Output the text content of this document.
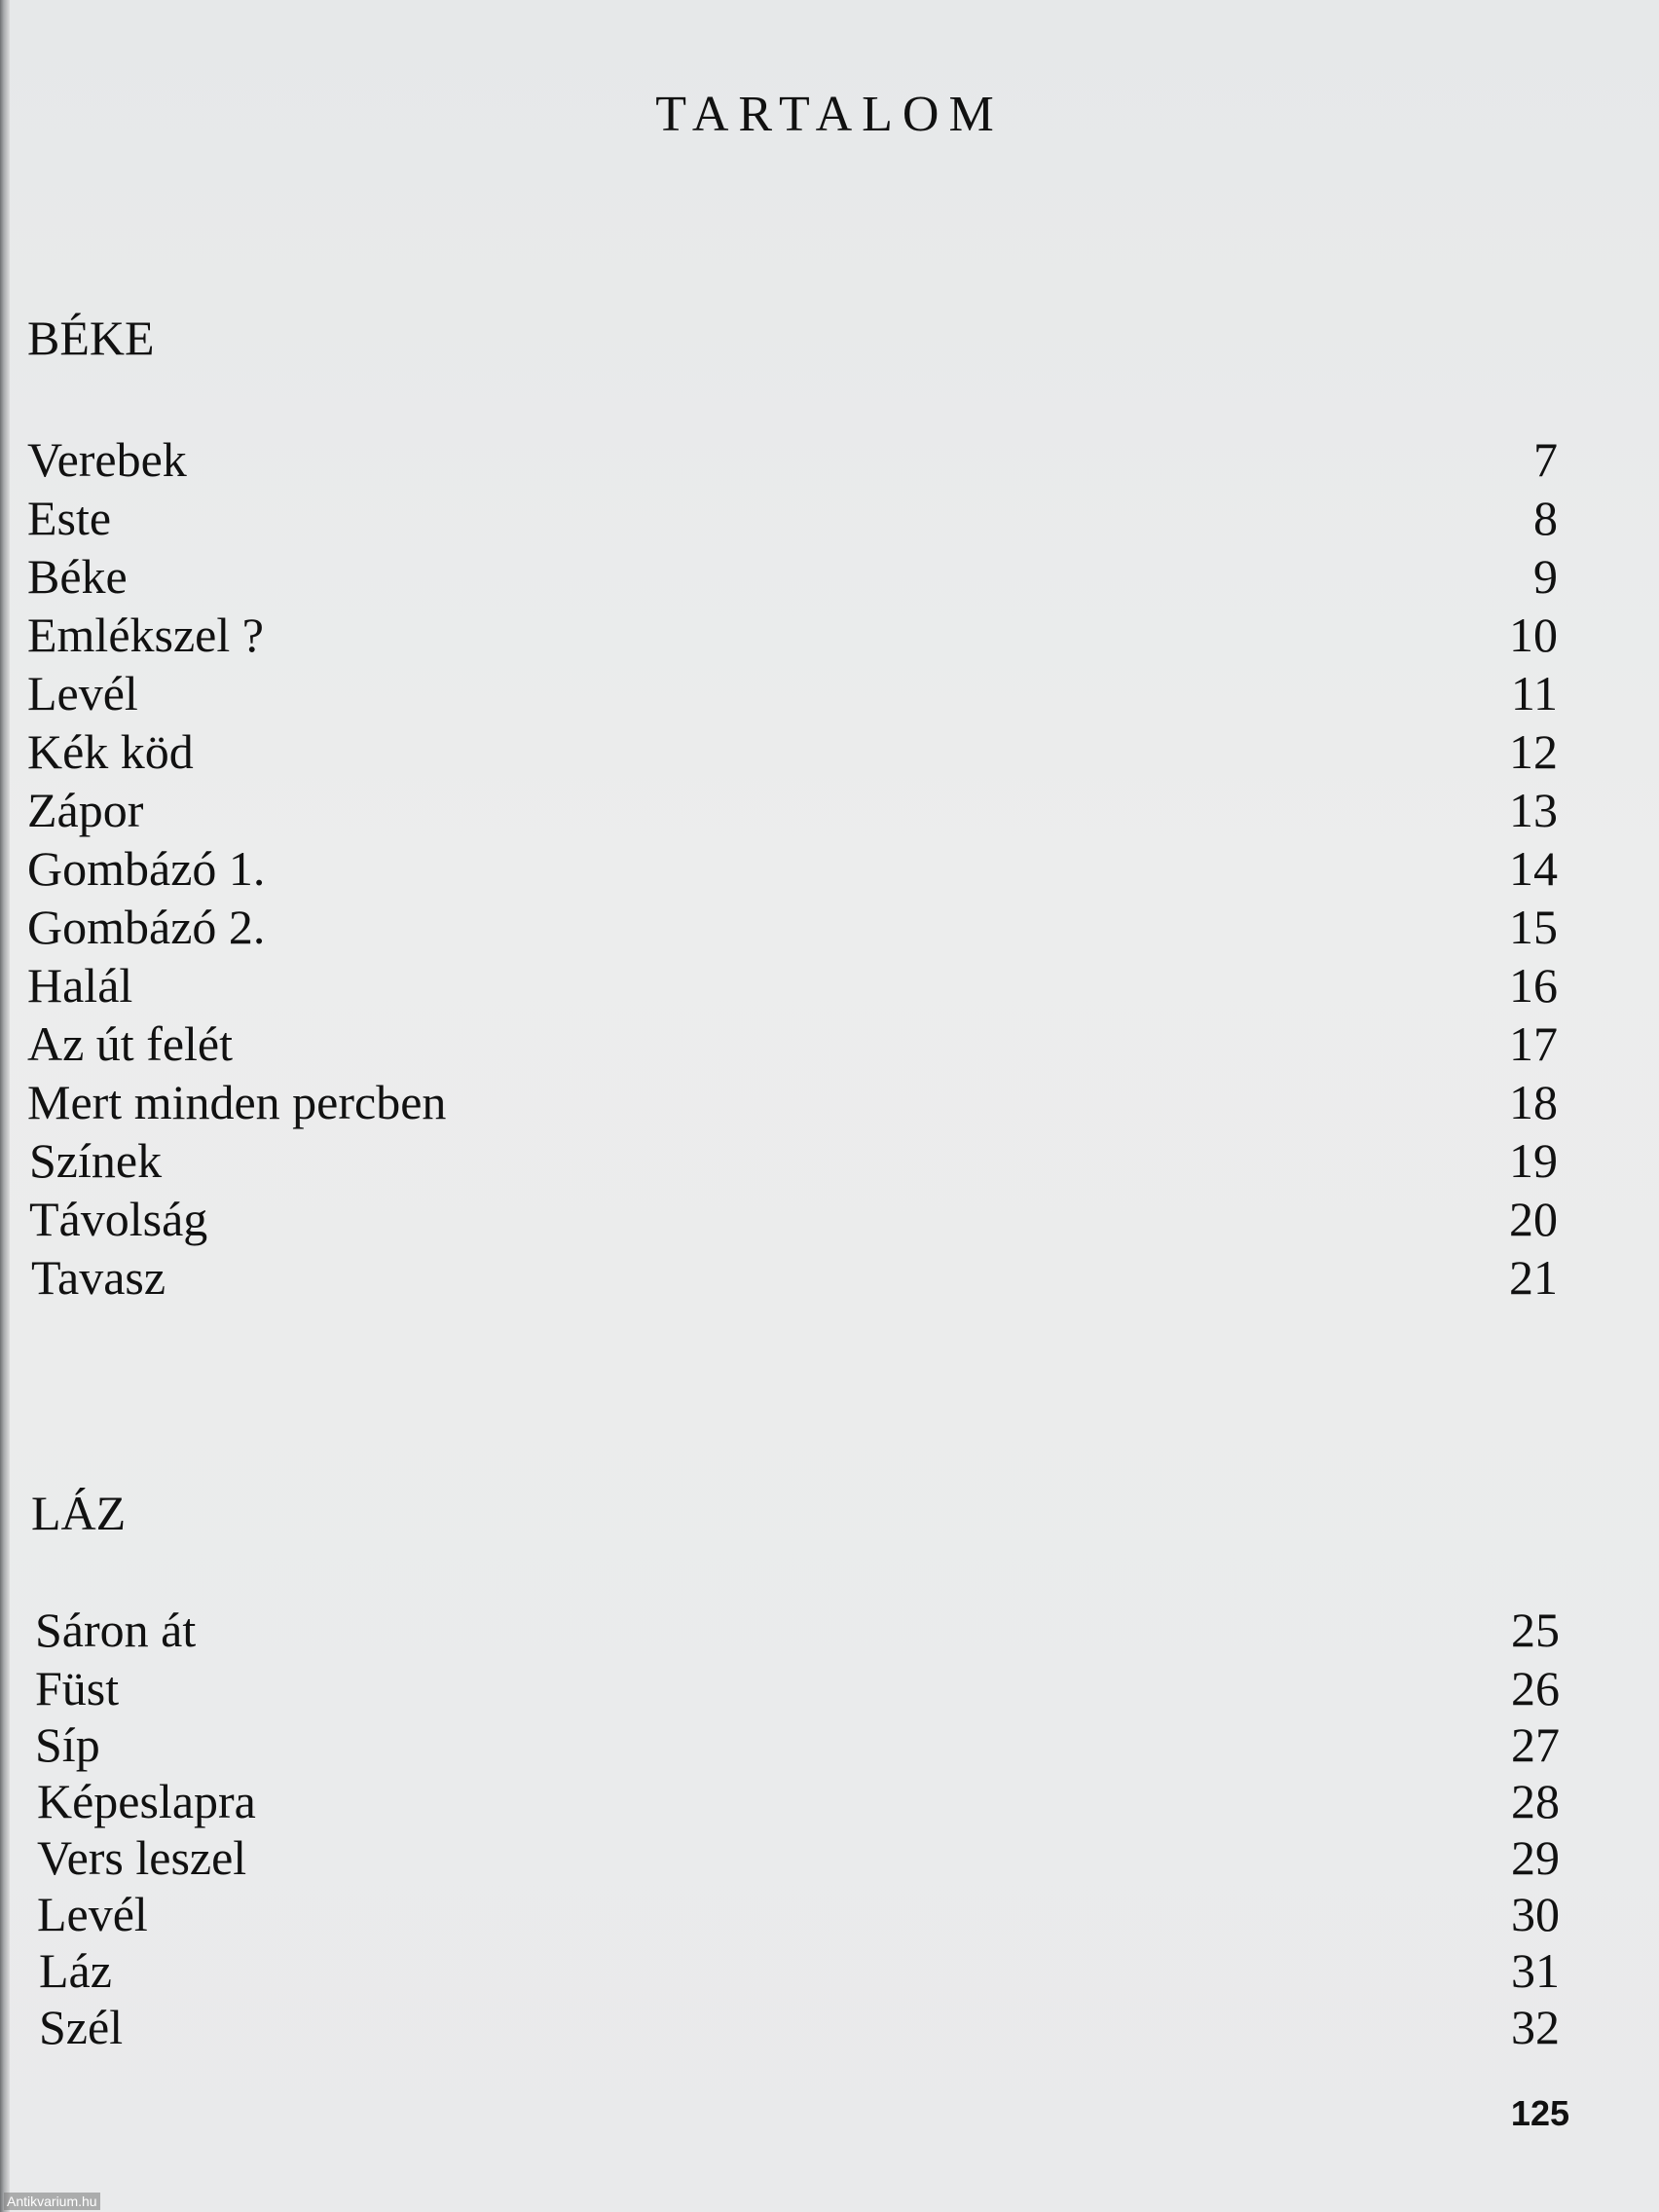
TARTALOM
BÉKE
Verebek	7
Este	8
Béke	9
Emlékszel ?	10
Levél	11
Kék köd	12
Zápor	13
Gombázó 1.	14
Gombázó 2.	15
Halál	16
Az út felét	17
Mert minden percben	18
Színek	19
Távolság	20
Tavasz	21
LÁZ
Sáron át	25
Füst	26
Síp	27
Képeslapra	28
Vers leszel	29
Levél	30
Láz	31
Szél	32
125
Antikvarium.hu
